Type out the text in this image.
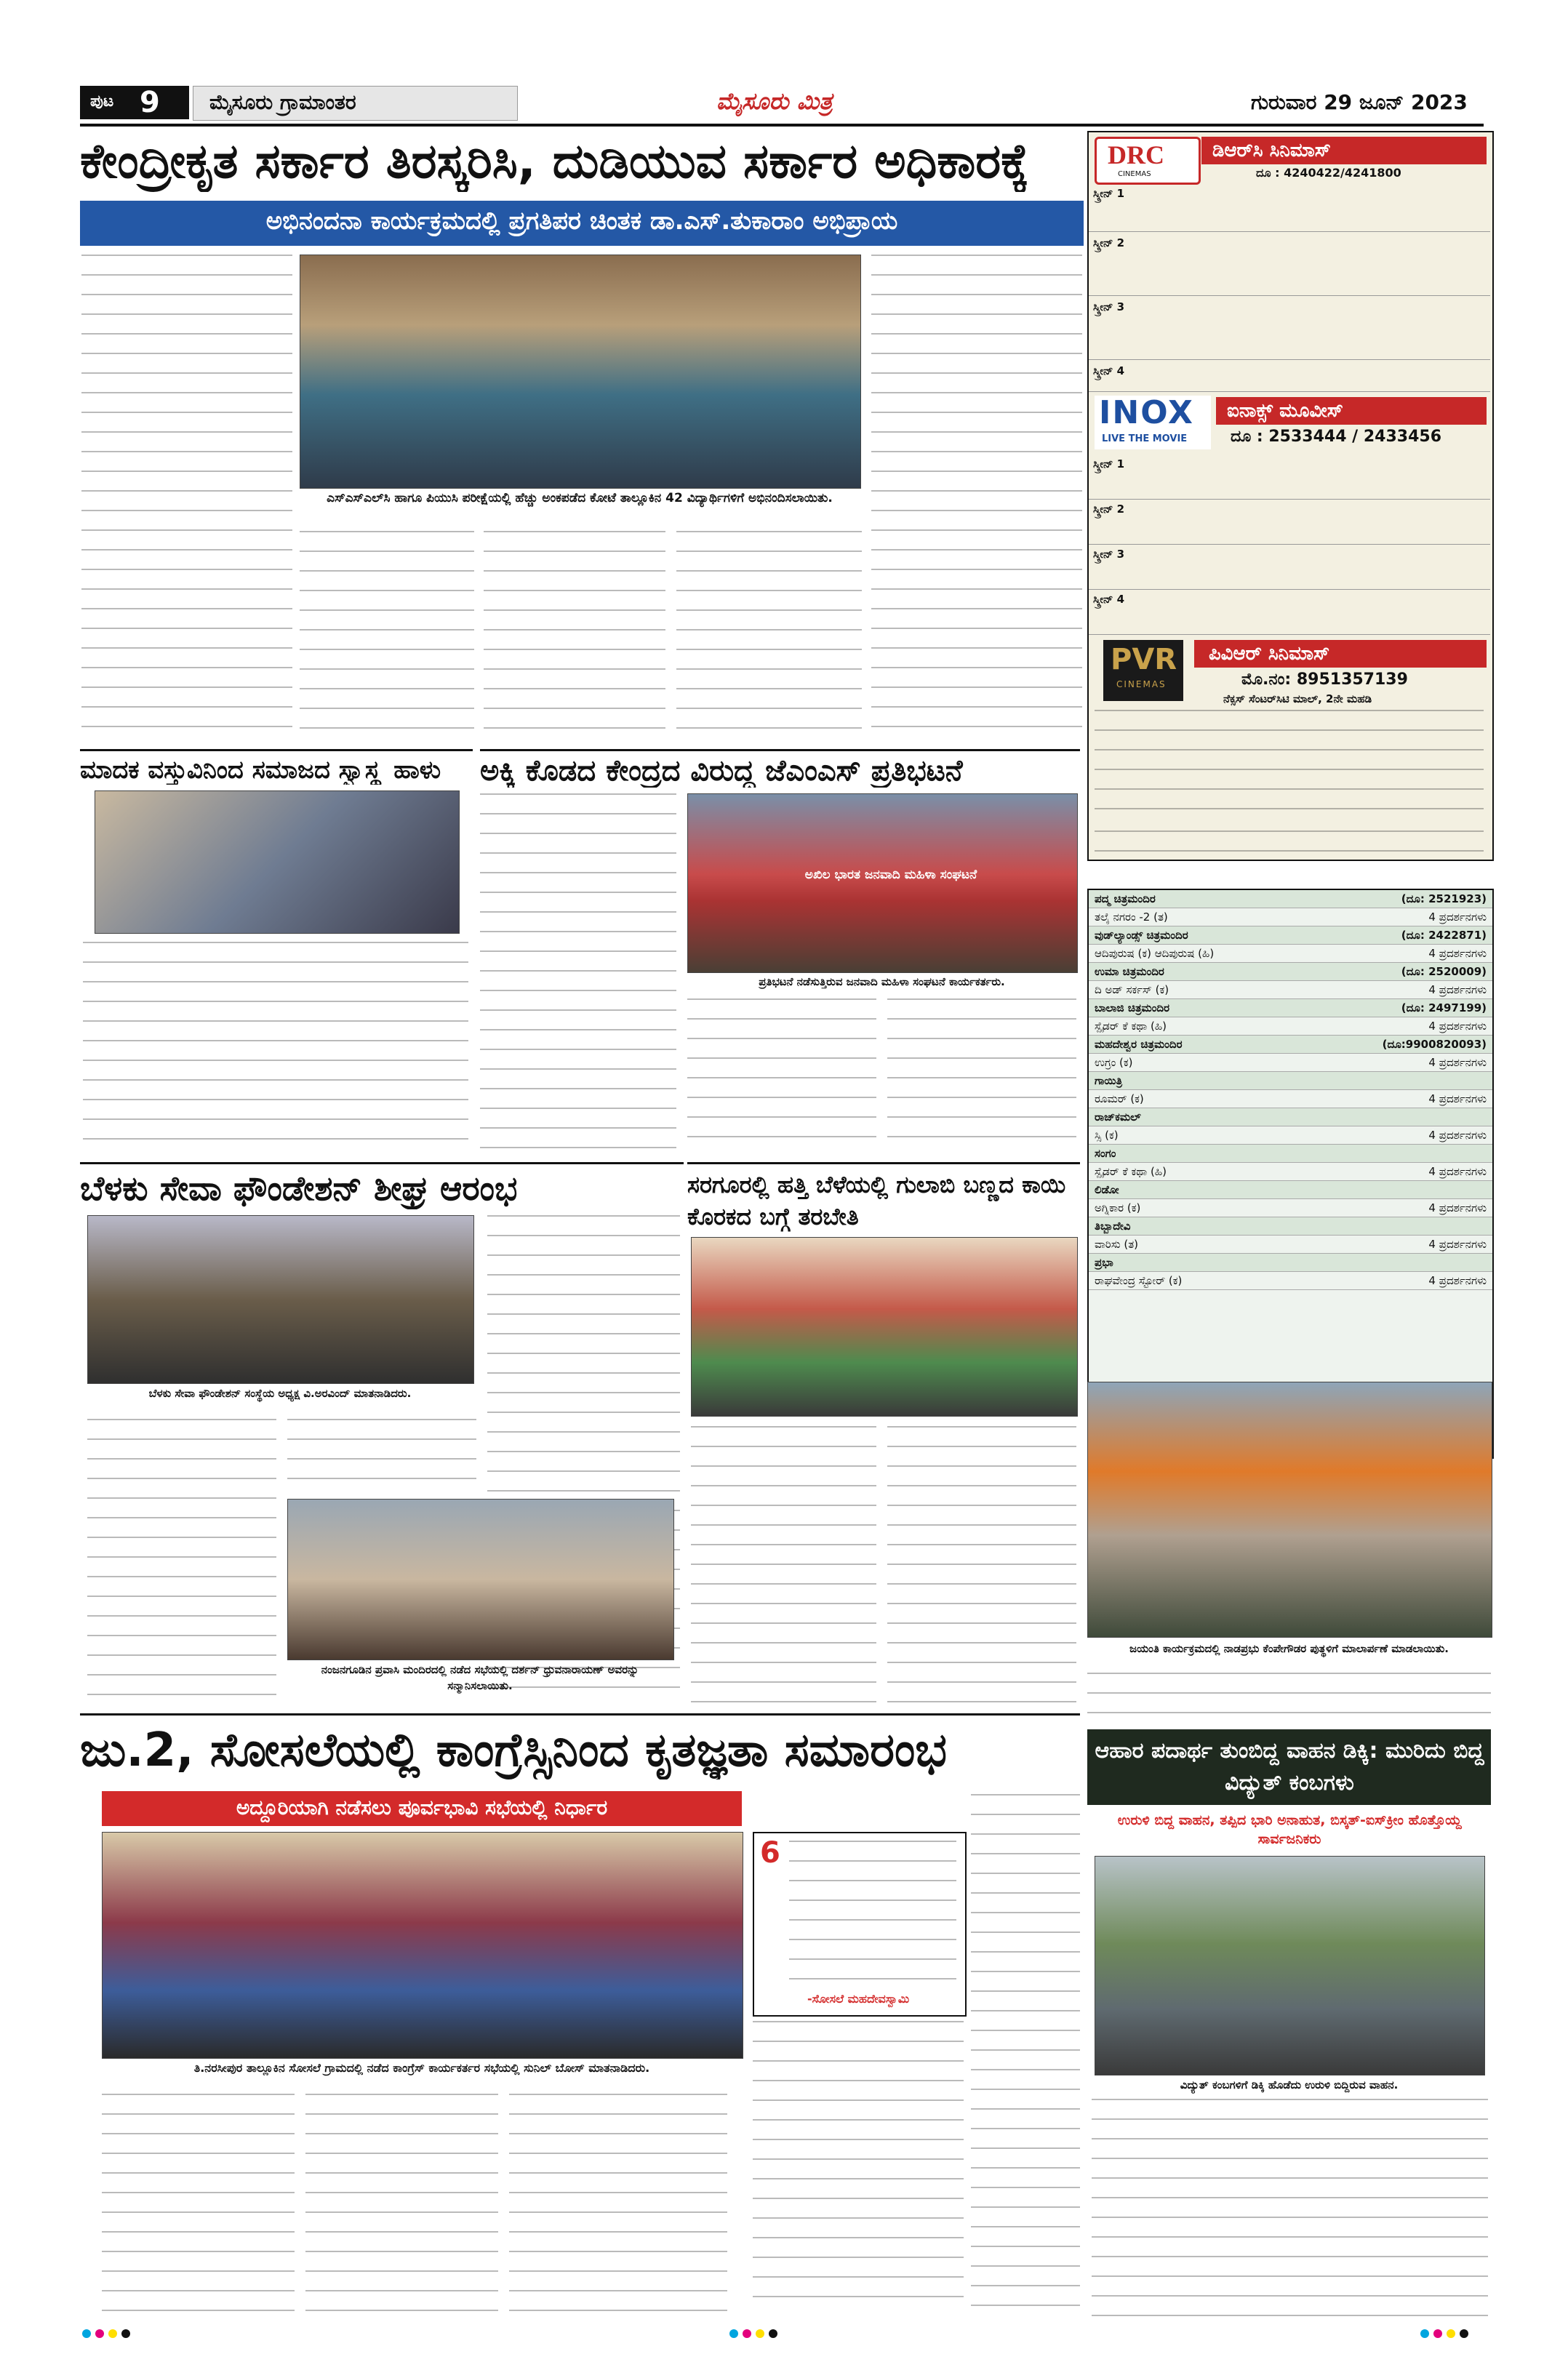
ಪುಟ 9 ಮೈಸೂರು ಗ್ರಾಮಾಂತರ	ಮೈಸೂರು ಮಿತ್ರ	ಗುರುವಾರ 29 ಜೂನ್ 2023
ಕೇಂದ್ರೀಕೃತ ಸರ್ಕಾರ ತಿರಸ್ಕರಿಸಿ, ದುಡಿಯುವ ಸರ್ಕಾರ ಅಧಿಕಾರಕ್ಕೆ
ಅಭಿನಂದನಾ ಕಾರ್ಯಕ್ರಮದಲ್ಲಿ ಪ್ರಗತಿಪರ ಚಿಂತಕ ಡಾ.ಎಸ್.ತುಕಾರಾಂ ಅಭಿಪ್ರಾಯ
ಎಸ್‌ಎಸ್‌ಎಲ್‌ಸಿ ಹಾಗೂ ಪಿಯುಸಿ ಪರೀಕ್ಷೆಯಲ್ಲಿ ಹೆಚ್ಚು ಅಂಕಪಡೆದ ಕೋಟೆ ತಾಲ್ಲೂಕಿನ 42 ವಿದ್ಯಾರ್ಥಿಗಳಿಗೆ ಅಭಿನಂದಿಸಲಾಯಿತು.
ಮಾದಕ ವಸ್ತುವಿನಿಂದ ಸಮಾಜದ ಸ್ವಾಸ್ಥ್ಯ ಹಾಳು	ಅಕ್ಕಿ ಕೊಡದ ಕೇಂದ್ರದ ವಿರುದ್ಧ ಜೆಎಂಎಸ್ ಪ್ರತಿಭಟನೆ
ಅಖಿಲ ಭಾರತ ಜನವಾದಿ ಮಹಿಳಾ ಸಂಘಟನೆ
ಪ್ರತಿಭಟನೆ ನಡೆಸುತ್ತಿರುವ ಜನವಾದಿ ಮಹಿಳಾ ಸಂಘಟನೆ ಕಾರ್ಯಕರ್ತರು.
ಬೆಳಕು ಸೇವಾ ಫೌಂಡೇಶನ್ ಶೀಘ್ರ ಆರಂಭ
ಬೆಳಕು ಸೇವಾ ಫೌಂಡೇಶನ್ ಸಂಸ್ಥೆಯ ಅಧ್ಯಕ್ಷ ವಿ.ಅರವಿಂದ್ ಮಾತನಾಡಿದರು.
ನಂಜನಗೂಡಿನ ಪ್ರವಾಸಿ ಮಂದಿರದಲ್ಲಿ ನಡೆದ ಸಭೆಯಲ್ಲಿ ದರ್ಶನ್ ಧ್ರುವನಾರಾಯಣ್ ಅವರನ್ನು ಸನ್ಮಾನಿಸಲಾಯಿತು.
ಸರಗೂರಲ್ಲಿ ಹತ್ತಿ ಬೆಳೆಯಲ್ಲಿ ಗುಲಾಬಿ ಬಣ್ಣದ ಕಾಯಿ ಕೊರಕದ ಬಗ್ಗೆ ತರಬೇತಿ
ಜು.2, ಸೋಸಲೆಯಲ್ಲಿ ಕಾಂಗ್ರೆಸ್ಸಿನಿಂದ ಕೃತಜ್ಞತಾ ಸಮಾರಂಭ
ಅದ್ದೂರಿಯಾಗಿ ನಡೆಸಲು ಪೂರ್ವಭಾವಿ ಸಭೆಯಲ್ಲಿ ನಿರ್ಧಾರ
ತಿ.ನರಸೀಪುರ ತಾಲ್ಲೂಕಿನ ಸೋಸಲೆ ಗ್ರಾಮದಲ್ಲಿ ನಡೆದ ಕಾಂಗ್ರೆಸ್ ಕಾರ್ಯಕರ್ತರ ಸಭೆಯಲ್ಲಿ ಸುನಿಲ್ ಬೋಸ್ ಮಾತನಾಡಿದರು.
6
-ಸೋಸಲೆ ಮಹದೇವಸ್ವಾಮಿ
DRC
CINEMAS
ಡಿಆರ್‌ಸಿ ಸಿನಿಮಾಸ್
ದೂ : 4240422/4241800
ಸ್ಕ್ರೀನ್ 1
ಸ್ಕ್ರೀನ್ 2
ಸ್ಕ್ರೀನ್ 3
ಸ್ಕ್ರೀನ್ 4
INOX
LIVE THE MOVIE
ಐನಾಕ್ಸ್ ಮೂವೀಸ್
ದೂ : 2533444 / 2433456
ಸ್ಕ್ರೀನ್ 1
ಸ್ಕ್ರೀನ್ 2
ಸ್ಕ್ರೀನ್ 3
ಸ್ಕ್ರೀನ್ 4
PVR
CINEMAS
ಪಿವಿಆರ್ ಸಿನಿಮಾಸ್
ಮೊ.ನಂ: 8951357139
ನೆಕ್ಸಸ್ ಸೆಂಟರ್‌ಸಿಟಿ ಮಾಲ್, 2ನೇ ಮಹಡಿ
ಪದ್ಮ ಚಿತ್ರಮಂದಿರ	(ದೂ: 2521923)
ತಲೈ ನಗರಂ -2 (ತ)	4 ಪ್ರದರ್ಶನಗಳು
ವುಡ್‌ಲ್ಯಾಂಡ್ಸ್ ಚಿತ್ರಮಂದಿರ	(ದೂ: 2422871)
ಆದಿಪುರುಷ (ಕ) ಆದಿಪುರುಷ (ಹಿ)	4 ಪ್ರದರ್ಶನಗಳು
ಉಮಾ ಚಿತ್ರಮಂದಿರ	(ದೂ: 2520009)
ದಿ ಅಡ್ ಸರ್ಕಸ್ (ಕ)	4 ಪ್ರದರ್ಶನಗಳು
ಬಾಲಾಜಿ ಚಿತ್ರಮಂದಿರ	(ದೂ: 2497199)
ಸ್ಪೈಡರ್ ಕೆ ಕಥಾ (ಹಿ)	4 ಪ್ರದರ್ಶನಗಳು
ಮಹದೇಶ್ವರ ಚಿತ್ರಮಂದಿರ	(ದೂ:9900820093)
ಉಗ್ರಂ (ಕ)	4 ಪ್ರದರ್ಶನಗಳು
ಗಾಯಿತ್ರಿ
ರೂಮರ್ (ಕ)	4 ಪ್ರದರ್ಶನಗಳು
ರಾಜ್‌ಕಮಲ್
ಸ್ಸಿ (ಕ)	4 ಪ್ರದರ್ಶನಗಳು
ಸಂಗಂ
ಸ್ಪೈಡರ್ ಕೆ ಕಥಾ (ಹಿ)	4 ಪ್ರದರ್ಶನಗಳು
ಲಿಡೋ
ಅಗ್ನಿಕಾರ (ಕ)	4 ಪ್ರದರ್ಶನಗಳು
ತಿಬ್ಬಾದೇವಿ
ವಾರಿಸು (ತ)	4 ಪ್ರದರ್ಶನಗಳು
ಪ್ರಭಾ
ರಾಘವೇಂದ್ರ ಸ್ಟೋರ್ (ಕ)	4 ಪ್ರದರ್ಶನಗಳು
ಜಯಂತಿ ಕಾರ್ಯಕ್ರಮದಲ್ಲಿ ನಾಡಪ್ರಭು ಕೆಂಪೇಗೌಡರ ಪುತ್ಥಳಿಗೆ ಮಾಲಾರ್ಪಣೆ ಮಾಡಲಾಯಿತು.
ಆಹಾರ ಪದಾರ್ಥ ತುಂಬಿದ್ದ ವಾಹನ ಡಿಕ್ಕಿ: ಮುರಿದು ಬಿದ್ದ ವಿದ್ಯುತ್ ಕಂಬಗಳು
ಉರುಳಿ ಬಿದ್ದ ವಾಹನ, ತಪ್ಪಿದ ಭಾರಿ ಅನಾಹುತ, ಬಿಸ್ಕತ್-ಐಸ್‌ಕ್ರೀಂ ಹೊತ್ತೊಯ್ದ ಸಾರ್ವಜನಿಕರು
ವಿದ್ಯುತ್ ಕಂಬಗಳಿಗೆ ಡಿಕ್ಕಿ ಹೊಡೆದು ಉರುಳಿ ಬಿದ್ದಿರುವ ವಾಹನ.
